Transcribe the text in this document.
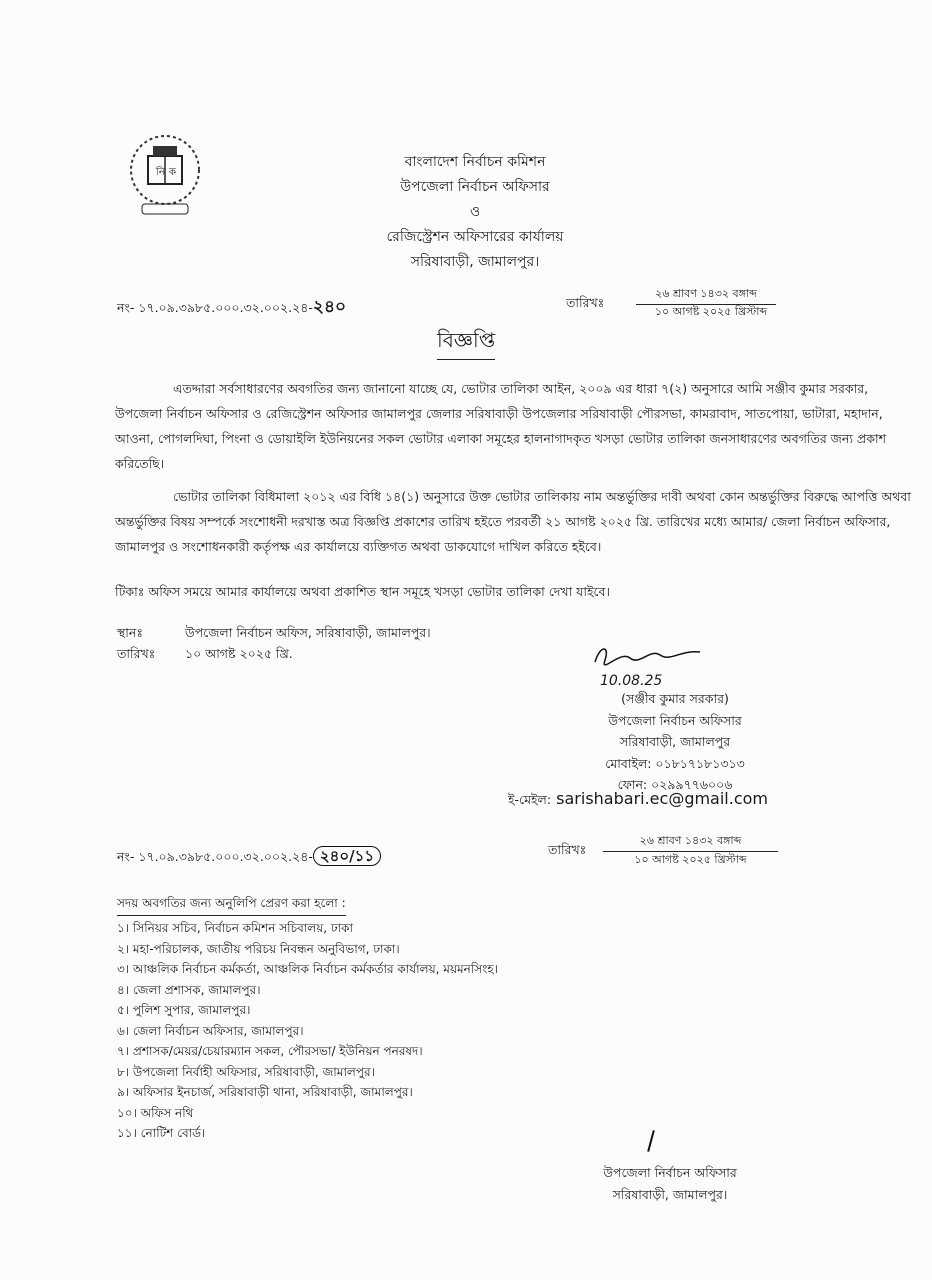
নি ক
বাংলাদেশ নির্বাচন কমিশন
উপজেলা নির্বাচন অফিসার
ও
রেজিস্ট্রেশন অফিসারের কার্যালয়
সরিষাবাড়ী, জামালপুর।
নং- ১৭.০৯.৩৯৮৫.০০০.৩২.০০২.২৪-২৪০	তারিখঃ
২৬ শ্রাবণ ১৪৩২ বঙ্গাব্দ
১০ আগষ্ট ২০২৫ খ্রিস্টাব্দ
বিজ্ঞপ্তি

এতদ্দারা সর্বসাধারণের অবগতির জন্য জানানো যাচ্ছে যে, ভোটার তালিকা আইন, ২০০৯ এর ধারা ৭(২) অনুসারে আমি সঞ্জীব কুমার সরকার, উপজেলা নির্বাচন অফিসার ও রেজিস্ট্রেশন অফিসার জামালপুর জেলার সরিষাবাড়ী উপজেলার সরিষাবাড়ী পৌরসভা, কামরাবাদ, সাতপোয়া, ভাটারা, মহাদান, আওনা, পোগলদিঘা, পিংনা ও ডোয়াইলি ইউনিয়নের সকল ভোটার এলাকা সমূহের হালনাগাদকৃত খসড়া ভোটার তালিকা জনসাধারণের অবগতির জন্য প্রকাশ করিতেছি।

ভোটার তালিকা বিধিমালা ২০১২ এর বিধি ১৪(১) অনুসারে উক্ত ভোটার তালিকায় নাম অন্তর্ভুক্তির দাবী অথবা কোন অন্তর্ভুক্তির বিরুদ্ধে আপত্তি অথবা অন্তর্ভুক্তির বিষয় সম্পর্কে সংশোধনী দরখাস্ত অত্র বিজ্ঞপ্তি প্রকাশের তারিখ হইতে পরবর্তী ২১ আগষ্ট ২০২৫ খ্রি. তারিখের মধ্যে আমার/ জেলা নির্বাচন অফিসার, জামালপুর ও সংশোধনকারী কর্তৃপক্ষ এর কার্যালয়ে ব্যক্তিগত অথবা ডাকযোগে দাখিল করিতে হইবে।

টিকাঃ অফিস সময়ে আমার কার্যালয়ে অথবা প্রকাশিত স্থান সমূহে খসড়া ভোটার তালিকা দেখা যাইবে।

স্থানঃ	উপজেলা নির্বাচন অফিস, সরিষাবাড়ী, জামালপুর।
তারিখঃ ১০ আগষ্ট ২০২৫ খ্রি.
10.08.25
(সঞ্জীব কুমার সরকার)
উপজেলা নির্বাচন অফিসার
সরিষাবাড়ী, জামালপুর
মোবাইল: ০১৮১৭১৮১৩১৩
ফোন: ০২৯৯৭৭৬০০৬
ই-মেইল: sarishabari.ec@gmail.com
নং- ১৭.০৯.৩৯৮৫.০০০.৩২.০০২.২৪- ২৪০/১১	তারিখঃ
২৬ শ্রাবণ ১৪৩২ বঙ্গাব্দ
১০ আগষ্ট ২০২৫ খ্রিস্টাব্দ
সদয় অবগতির জন্য অনুলিপি প্রেরণ করা হলো :
১। সিনিয়র সচিব, নির্বাচন কমিশন সচিবালয়, ঢাকা
২। মহা-পরিচালক, জাতীয় পরিচয় নিবন্ধন অনুবিভাগ, ঢাকা।
৩। আঞ্চলিক নির্বাচন কর্মকর্তা, আঞ্চলিক নির্বাচন কর্মকর্তার কার্যালয়, ময়মনসিংহ।
৪। জেলা প্রশাসক, জামালপুর।
৫। পুলিশ সুপার, জামালপুর।
৬। জেলা নির্বাচন অফিসার, জামালপুর।
৭। প্রশাসক/মেয়র/চেয়ারম্যান সকল, পৌরসভা/ ইউনিয়ন পনরষদ।
৮। উপজেলা নির্বাহী অফিসার, সরিষাবাড়ী, জামালপুর।
৯। অফিসার ইনচার্জ, সরিষাবাড়ী থানা, সরিষাবাড়ী, জামালপুর।
১০। অফিস নথি
১১। নোটিশ বোর্ড।
উপজেলা নির্বাচন অফিসার
সরিষাবাড়ী, জামালপুর।
